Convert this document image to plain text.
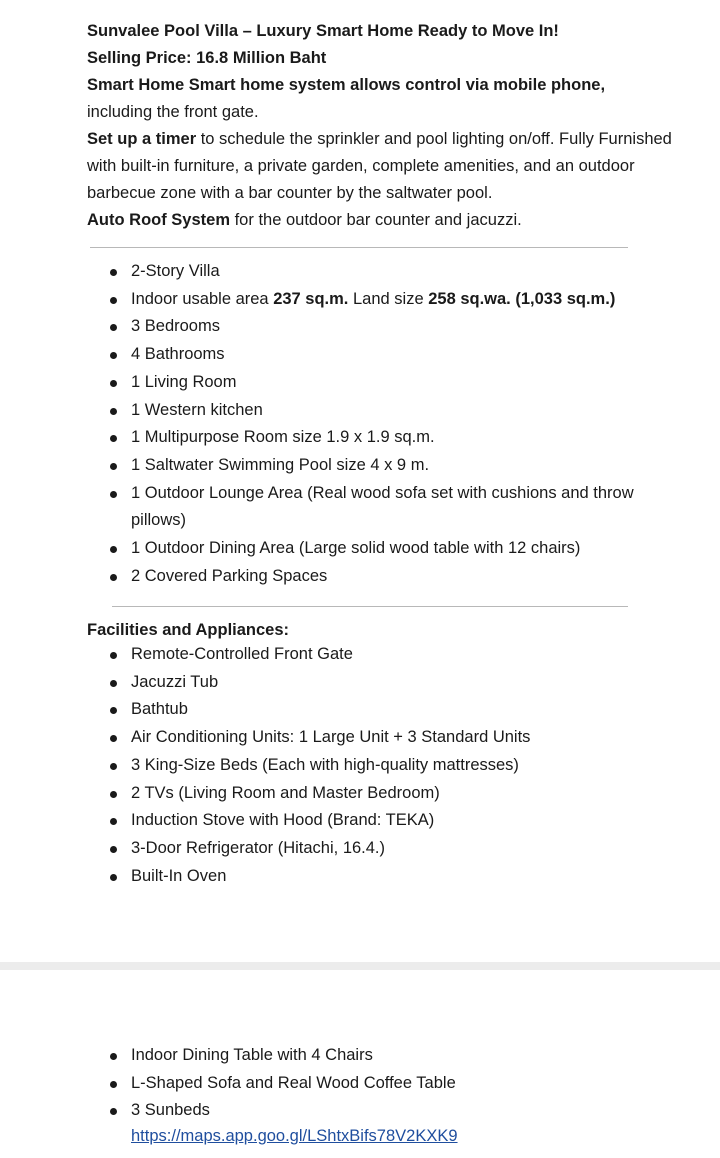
Sunvalee Pool Villa – Luxury Smart Home Ready to Move In!

Selling Price: 16.8 Million Baht

Smart Home Smart home system allows control via mobile phone,
including the front gate.

Set up a timer to schedule the sprinkler and pool lighting on/off. Fully Furnished with built-in furniture, a private garden, complete amenities, and an outdoor barbecue zone with a bar counter by the saltwater pool.

Auto Roof System for the outdoor bar counter and jacuzzi.

2-Story Villa
Indoor usable area 237 sq.m. Land size 258 sq.wa. (1,033 sq.m.)
3 Bedrooms
4 Bathrooms
1 Living Room
1 Western kitchen
1 Multipurpose Room size 1.9 x 1.9 sq.m.
1 Saltwater Swimming Pool size 4 x 9 m.
1 Outdoor Lounge Area (Real wood sofa set with cushions and throw pillows)
1 Outdoor Dining Area (Large solid wood table with 12 chairs)
2 Covered Parking Spaces
Facilities and Appliances:
Remote-Controlled Front Gate
Jacuzzi Tub
Bathtub
Air Conditioning Units: 1 Large Unit + 3 Standard Units
3 King-Size Beds (Each with high-quality mattresses)
2 TVs (Living Room and Master Bedroom)
Induction Stove with Hood (Brand: TEKA)
3-Door Refrigerator (Hitachi, 16.4.)
Built-In Oven
Indoor Dining Table with 4 Chairs
L-Shaped Sofa and Real Wood Coffee Table
3 Sunbeds
https://maps.app.goo.gl/LShtxBifs78V2KXK9
